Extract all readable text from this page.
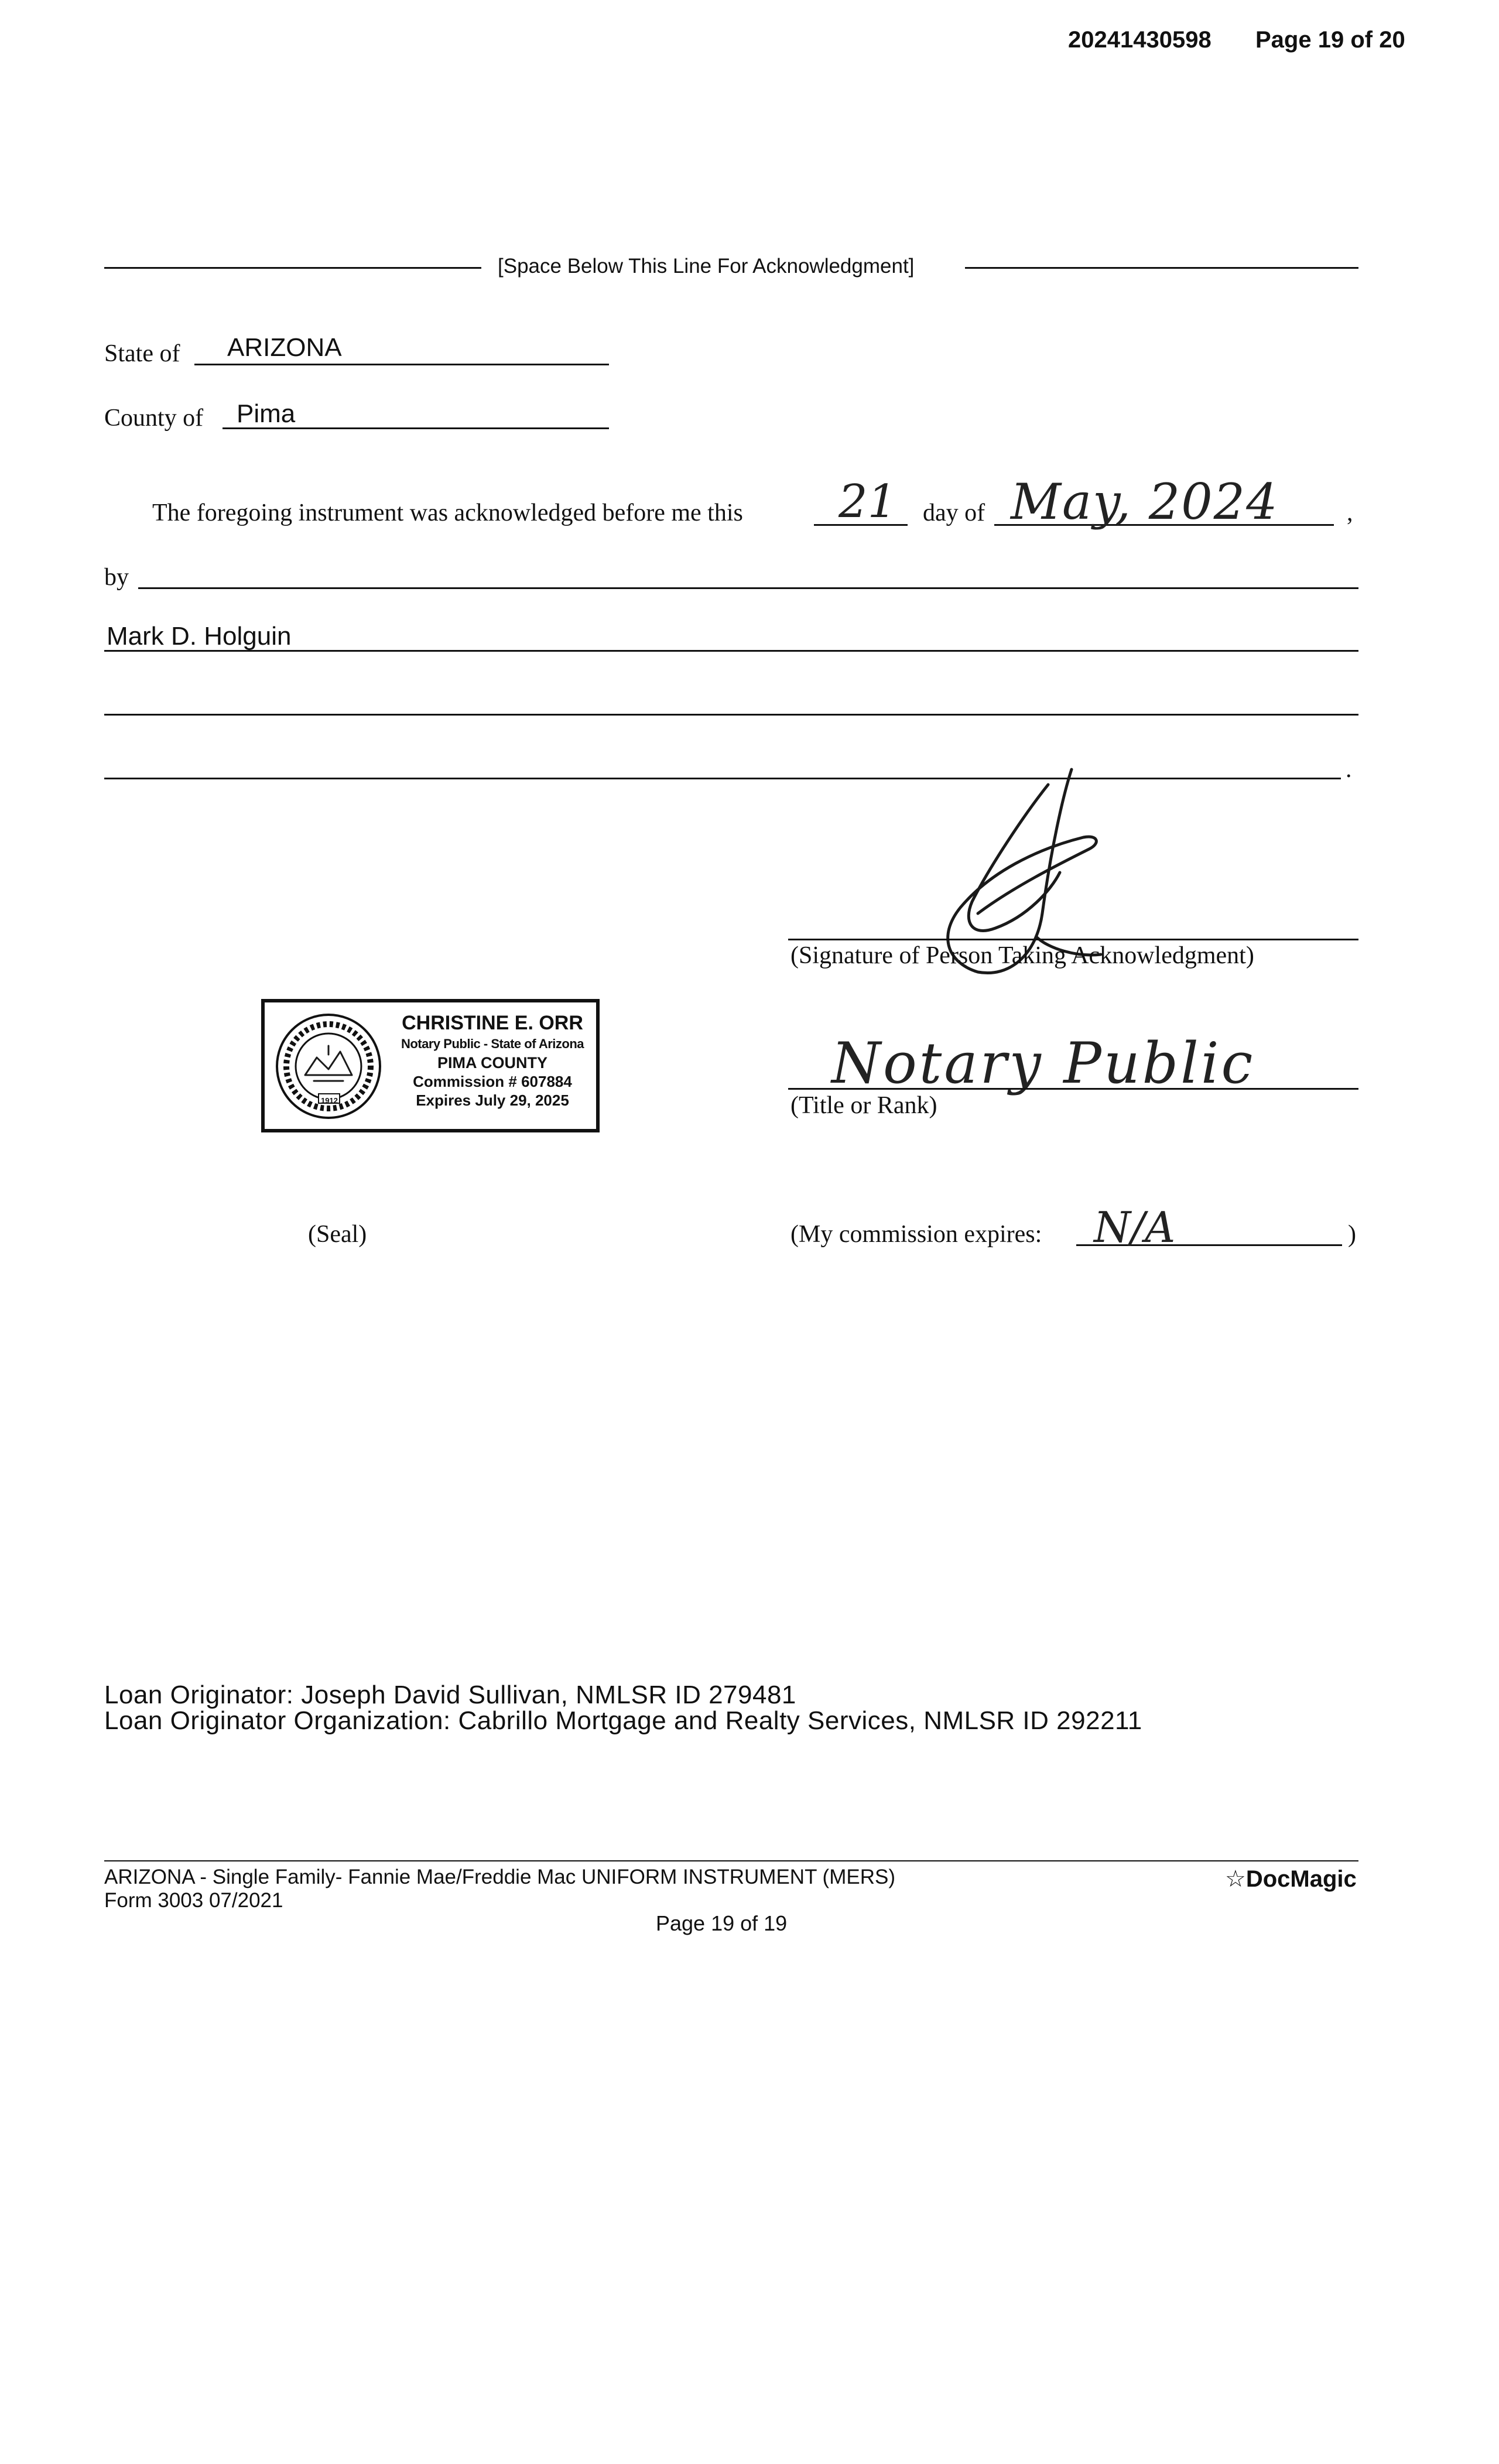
20241430598 Page 19 of 20
[Space Below This Line For Acknowledgment]
State of ARIZONA
County of Pima
The foregoing instrument was acknowledged before me this 21 day of May, 2024	,
by
Mark D. Holguin
.
(Signature of Person Taking Acknowledgment)
1912
CHRISTINE E. ORR
Notary Public - State of Arizona
PIMA COUNTY
Commission # 607884
Expires July 29, 2025
Notary Public
(Title or Rank)
(Seal)	(My commission expires: N/A	)
Loan Originator: Joseph David Sullivan, NMLSR ID 279481
Loan Originator Organization: Cabrillo Mortgage and Realty Services, NMLSR ID 292211
ARIZONA - Single Family- Fannie Mae/Freddie Mac UNIFORM INSTRUMENT (MERS)
Form 3003 07/2021
Page 19 of 19
☆DocMagic
